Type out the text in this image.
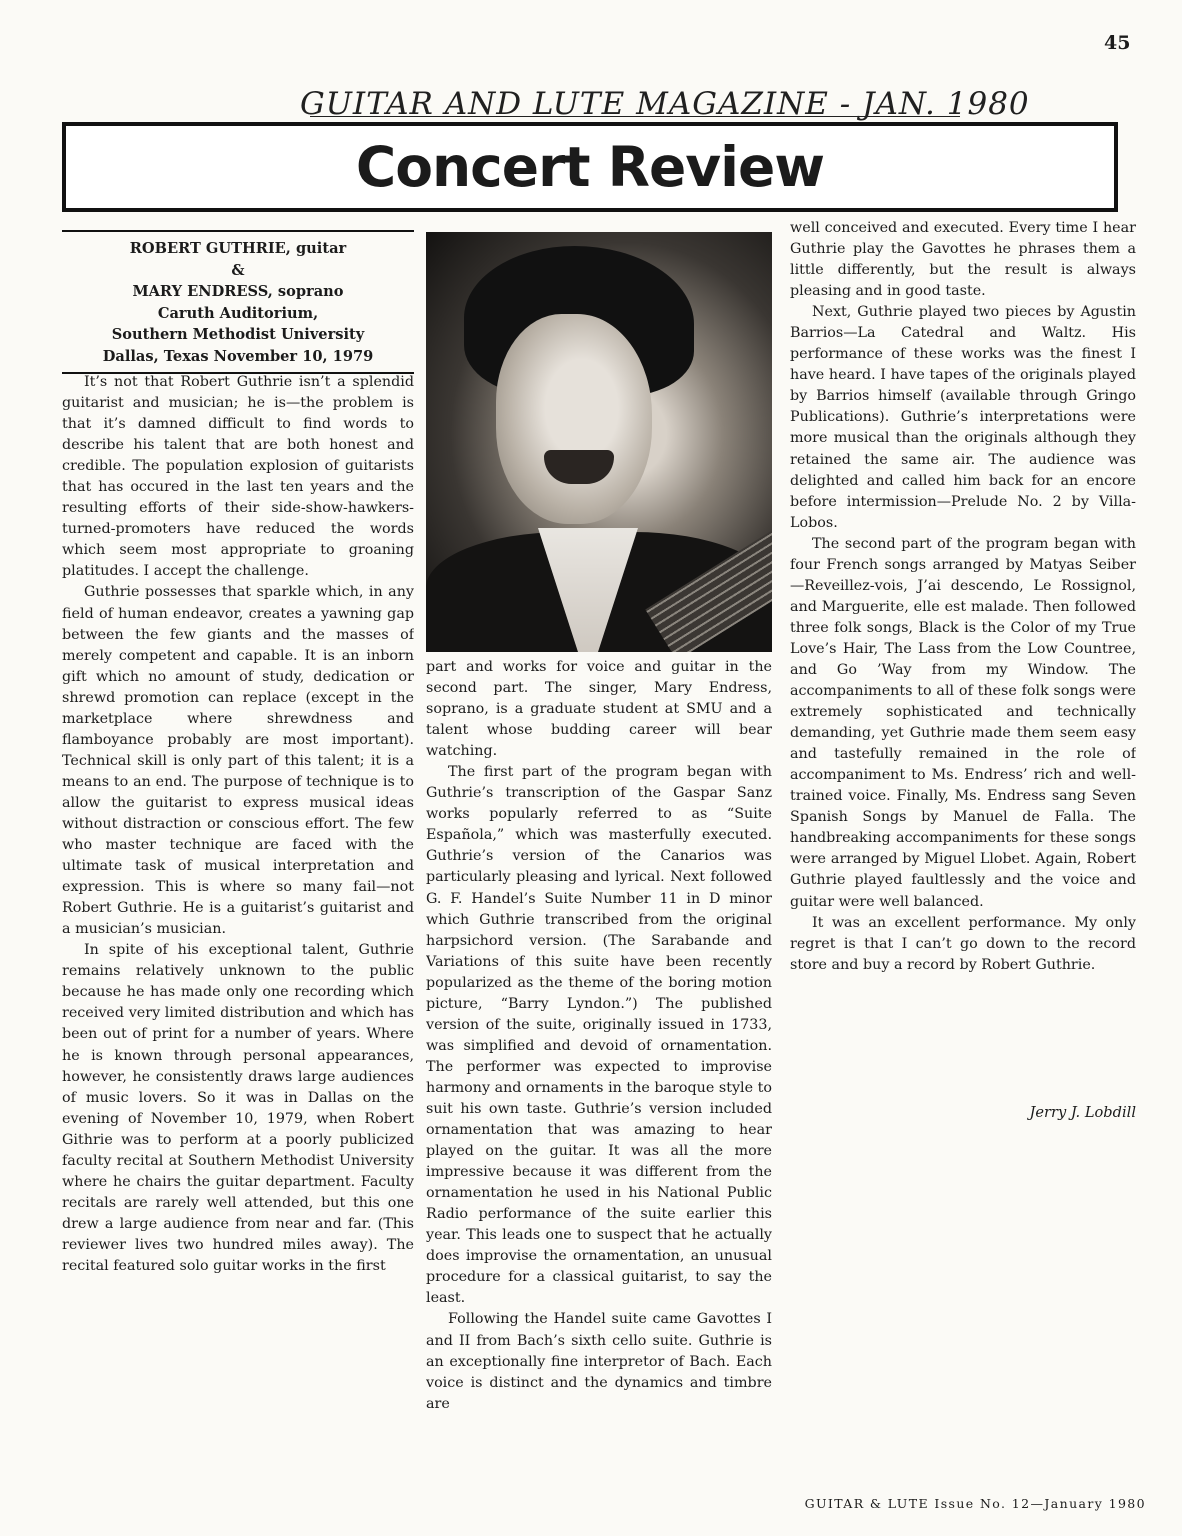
45
GUITAR AND LUTE MAGAZINE - JAN. 1980
Concert Review
ROBERT GUTHRIE, guitar
&
MARY ENDRESS, soprano
Caruth Auditorium,
Southern Methodist University
Dallas, Texas November 10, 1979

It’s not that Robert Guthrie isn’t a splendid guitarist and musician; he is—the problem is that it’s damned difficult to find words to describe his talent that are both honest and credible. The population explosion of guitarists that has occured in the last ten years and the resulting efforts of their side-show-hawkers-turned-promoters have reduced the words which seem most appropriate to groaning platitudes. I accept the challenge.

Guthrie possesses that sparkle which, in any field of human endeavor, creates a yawning gap between the few giants and the masses of merely competent and capable. It is an inborn gift which no amount of study, dedication or shrewd promotion can replace (except in the marketplace where shrewdness and flamboyance probably are most important). Technical skill is only part of this talent; it is a means to an end. The purpose of technique is to allow the guitarist to express musical ideas without distraction or conscious effort. The few who master technique are faced with the ultimate task of musical interpretation and expression. This is where so many fail—not Robert Guthrie. He is a guitarist’s guitarist and a musician’s musician.

In spite of his exceptional talent, Guthrie remains relatively unknown to the public because he has made only one recording which received very limited distribution and which has been out of print for a number of years. Where he is known through personal appearances, however, he consistently draws large audiences of music lovers. So it was in Dallas on the evening of November 10, 1979, when Robert Githrie was to perform at a poorly publicized faculty recital at Southern Methodist University where he chairs the guitar department. Faculty recitals are rarely well attended, but this one drew a large audience from near and far. (This reviewer lives two hundred miles away). The recital featured solo guitar works in the first

part and works for voice and guitar in the second part. The singer, Mary Endress, soprano, is a graduate student at SMU and a talent whose budding career will bear watching.

The first part of the program began with Guthrie’s transcription of the Gaspar Sanz works popularly referred to as “Suite Española,” which was masterfully executed. Guthrie’s version of the Canarios was particularly pleasing and lyrical. Next followed G. F. Handel’s Suite Number 11 in D minor which Guthrie transcribed from the original harpsichord version. (The Sarabande and Variations of this suite have been recently popularized as the theme of the boring motion picture, “Barry Lyndon.”) The published version of the suite, originally issued in 1733, was simplified and devoid of ornamentation. The performer was expected to improvise harmony and ornaments in the baroque style to suit his own taste. Guthrie’s version included ornamentation that was amazing to hear played on the guitar. It was all the more impressive because it was different from the ornamentation he used in his National Public Radio performance of the suite earlier this year. This leads one to suspect that he actually does improvise the ornamentation, an unusual procedure for a classical guitarist, to say the least.

Following the Handel suite came Gavottes I and II from Bach’s sixth cello suite. Guthrie is an exceptionally fine interpretor of Bach. Each voice is distinct and the dynamics and timbre are

well conceived and executed. Every time I hear Guthrie play the Gavottes he phrases them a little differently, but the result is always pleasing and in good taste.

Next, Guthrie played two pieces by Agustin Barrios—La Catedral and Waltz. His performance of these works was the finest I have heard. I have tapes of the originals played by Barrios himself (available through Gringo Publications). Guthrie’s interpretations were more musical than the originals although they retained the same air. The audience was delighted and called him back for an encore before intermission—Prelude No. 2 by Villa-Lobos.

The second part of the program began with four French songs arranged by Matyas Seiber—Reveillez-vois, J’ai descendo, Le Rossignol, and Marguerite, elle est malade. Then followed three folk songs, Black is the Color of my True Love’s Hair, The Lass from the Low Countree, and Go ’Way from my Window. The accompaniments to all of these folk songs were extremely sophisticated and technically demanding, yet Guthrie made them seem easy and tastefully remained in the role of accompaniment to Ms. Endress’ rich and well-trained voice. Finally, Ms. Endress sang Seven Spanish Songs by Manuel de Falla. The handbreaking accompaniments for these songs were arranged by Miguel Llobet. Again, Robert Guthrie played faultlessly and the voice and guitar were well balanced.

It was an excellent performance. My only regret is that I can’t go down to the record store and buy a record by Robert Guthrie.

Jerry J. Lobdill
GUITAR & LUTE Issue No. 12—January 1980
